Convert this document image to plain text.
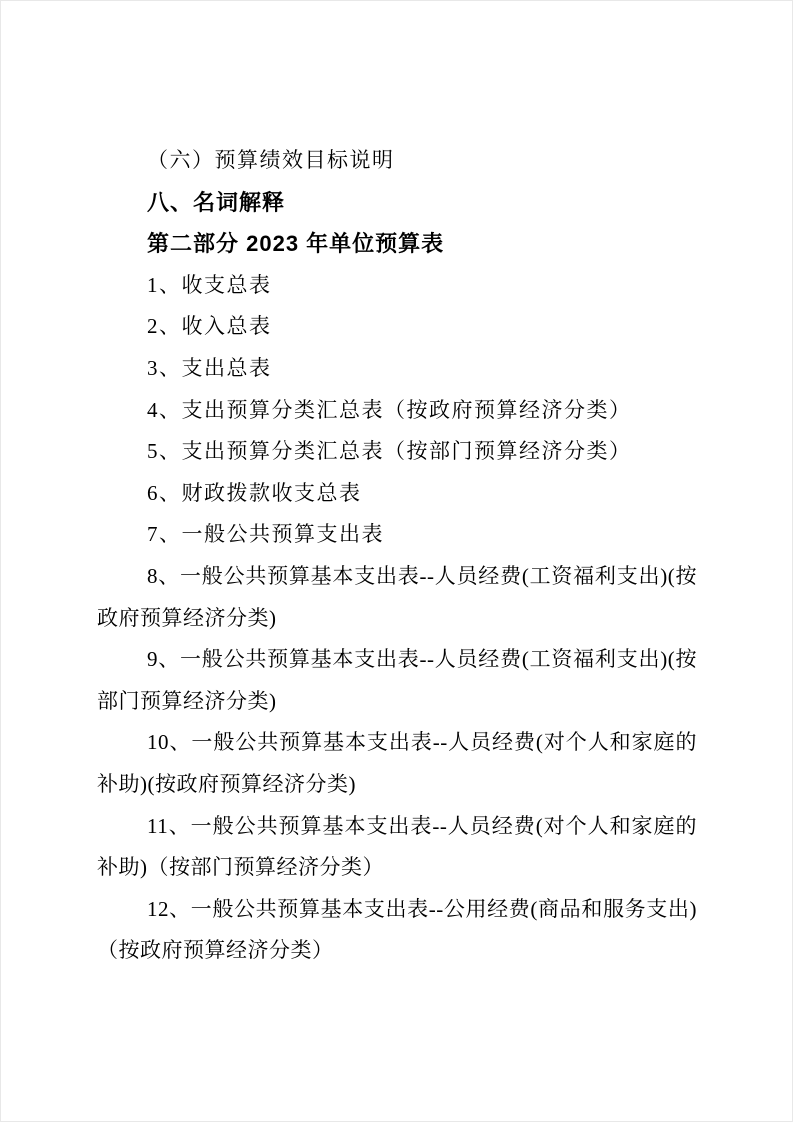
（六）预算绩效目标说明

八、名词解释

第二部分 2023 年单位预算表

1、收支总表

2、收入总表

3、支出总表

4、支出预算分类汇总表（按政府预算经济分类）

5、支出预算分类汇总表（按部门预算经济分类）

6、财政拨款收支总表

7、一般公共预算支出表

8、一般公共预算基本支出表--人员经费(工资福利支出)(按政府预算经济分类)

9、一般公共预算基本支出表--人员经费(工资福利支出)(按部门预算经济分类)

10、一般公共预算基本支出表--人员经费(对个人和家庭的补助)(按政府预算经济分类)

11、一般公共预算基本支出表--人员经费(对个人和家庭的补助)（按部门预算经济分类）

12、一般公共预算基本支出表--公用经费(商品和服务支出)（按政府预算经济分类）
